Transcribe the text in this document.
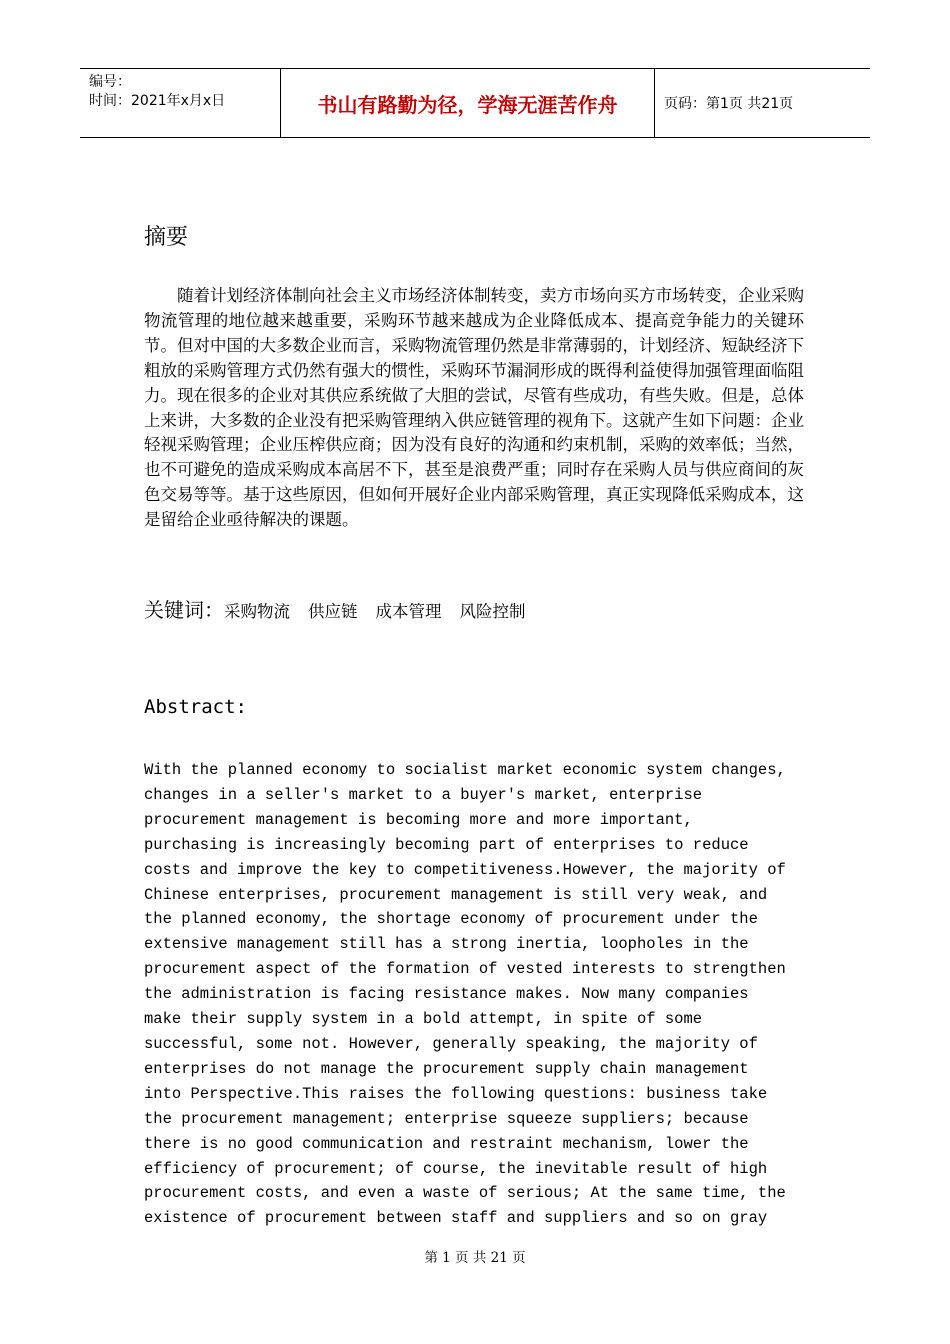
编号：
时间：2021年x月x日	书山有路勤为径，学海无涯苦作舟	页码：第1页 共21页
摘要

随着计划经济体制向社会主义市场经济体制转变，卖方市场向买方市场转变，企业采购物流管理的地位越来越重要，采购环节越来越成为企业降低成本、提高竞争能力的关键环节。但对中国的大多数企业而言，采购物流管理仍然是非常薄弱的，计划经济、短缺经济下粗放的采购管理方式仍然有强大的惯性，采购环节漏洞形成的既得利益使得加强管理面临阻力。现在很多的企业对其供应系统做了大胆的尝试，尽管有些成功，有些失败。但是，总体上来讲，大多数的企业没有把采购管理纳入供应链管理的视角下。这就产生如下问题：企业轻视采购管理；企业压榨供应商；因为没有良好的沟通和约束机制，采购的效率低；当然，也不可避免的造成采购成本高居不下，甚至是浪费严重；同时存在采购人员与供应商间的灰色交易等等。基于这些原因，但如何开展好企业内部采购管理，真正实现降低采购成本，这是留给企业亟待解决的课题。

关键词：采购物流 供应链 成本管理 风险控制
Abstract:
With the planned economy to socialist market economic system changes,
changes in a seller's market to a buyer's market, enterprise
procurement management is becoming more and more important,
purchasing is increasingly becoming part of enterprises to reduce
costs and improve the key to competitiveness.However, the majority of
Chinese enterprises, procurement management is still very weak, and
the planned economy, the shortage economy of procurement under the
extensive management still has a strong inertia, loopholes in the
procurement aspect of the formation of vested interests to strengthen
the administration is facing resistance makes. Now many companies
make their supply system in a bold attempt, in spite of some
successful, some not. However, generally speaking, the majority of
enterprises do not manage the procurement supply chain management
into Perspective.This raises the following questions: business take
the procurement management; enterprise squeeze suppliers; because
there is no good communication and restraint mechanism, lower the
efficiency of procurement; of course, the inevitable result of high
procurement costs, and even a waste of serious; At the same time, the
existence of procurement between staff and suppliers and so on gray
第 1 页 共 21 页
